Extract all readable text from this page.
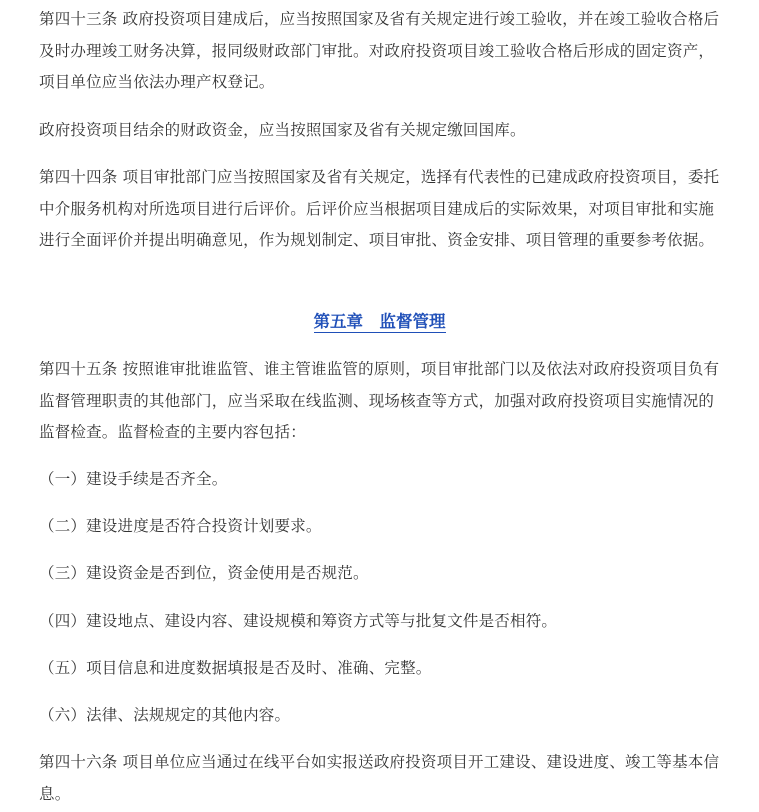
第四十三条 政府投资项目建成后，应当按照国家及省有关规定进行竣工验收，并在竣工验收合格后及时办理竣工财务决算，报同级财政部门审批。对政府投资项目竣工验收合格后形成的固定资产，项目单位应当依法办理产权登记。

政府投资项目结余的财政资金，应当按照国家及省有关规定缴回国库。

第四十四条 项目审批部门应当按照国家及省有关规定，选择有代表性的已建成政府投资项目，委托中介服务机构对所选项目进行后评价。后评价应当根据项目建成后的实际效果，对项目审批和实施进行全面评价并提出明确意见，作为规划制定、项目审批、资金安排、项目管理的重要参考依据。

第五章　监督管理

第四十五条 按照谁审批谁监管、谁主管谁监管的原则，项目审批部门以及依法对政府投资项目负有监督管理职责的其他部门，应当采取在线监测、现场核查等方式，加强对政府投资项目实施情况的监督检查。监督检查的主要内容包括：

（一）建设手续是否齐全。

（二）建设进度是否符合投资计划要求。

（三）建设资金是否到位，资金使用是否规范。

（四）建设地点、建设内容、建设规模和筹资方式等与批复文件是否相符。

（五）项目信息和进度数据填报是否及时、准确、完整。

（六）法律、法规规定的其他内容。

第四十六条 项目单位应当通过在线平台如实报送政府投资项目开工建设、建设进度、竣工等基本信息。
